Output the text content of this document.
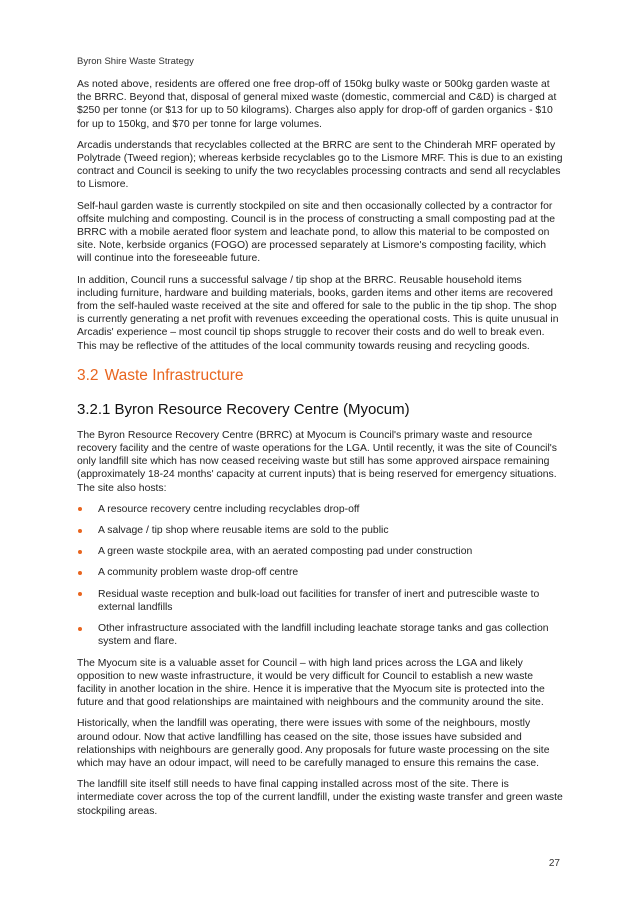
Byron Shire Waste Strategy

As noted above, residents are offered one free drop-off of 150kg bulky waste or 500kg garden waste at the BRRC. Beyond that, disposal of general mixed waste (domestic, commercial and C&D) is charged at $250 per tonne (or $13 for up to 50 kilograms). Charges also apply for drop-off of garden organics - $10 for up to 150kg, and $70 per tonne for large volumes.

Arcadis understands that recyclables collected at the BRRC are sent to the Chinderah MRF operated by Polytrade (Tweed region); whereas kerbside recyclables go to the Lismore MRF. This is due to an existing contract and Council is seeking to unify the two recyclables processing contracts and send all recyclables to Lismore.

Self-haul garden waste is currently stockpiled on site and then occasionally collected by a contractor for offsite mulching and composting. Council is in the process of constructing a small composting pad at the BRRC with a mobile aerated floor system and leachate pond, to allow this material to be composted on site. Note, kerbside organics (FOGO) are processed separately at Lismore's composting facility, which will continue into the foreseeable future.

In addition, Council runs a successful salvage / tip shop at the BRRC. Reusable household items including furniture, hardware and building materials, books, garden items and other items are recovered from the self-hauled waste received at the site and offered for sale to the public in the tip shop. The shop is currently generating a net profit with revenues exceeding the operational costs. This is quite unusual in Arcadis' experience – most council tip shops struggle to recover their costs and do well to break even. This may be reflective of the attitudes of the local community towards reusing and recycling goods.

3.2 Waste Infrastructure
3.2.1 Byron Resource Recovery Centre (Myocum)

The Byron Resource Recovery Centre (BRRC) at Myocum is Council's primary waste and resource recovery facility and the centre of waste operations for the LGA. Until recently, it was the site of Council's only landfill site which has now ceased receiving waste but still has some approved airspace remaining (approximately 18-24 months' capacity at current inputs) that is being reserved for emergency situations. The site also hosts:

A resource recovery centre including recyclables drop-off
A salvage / tip shop where reusable items are sold to the public
A green waste stockpile area, with an aerated composting pad under construction
A community problem waste drop-off centre
Residual waste reception and bulk-load out facilities for transfer of inert and putrescible waste to external landfills
Other infrastructure associated with the landfill including leachate storage tanks and gas collection system and flare.

The Myocum site is a valuable asset for Council – with high land prices across the LGA and likely opposition to new waste infrastructure, it would be very difficult for Council to establish a new waste facility in another location in the shire. Hence it is imperative that the Myocum site is protected into the future and that good relationships are maintained with neighbours and the community around the site.

Historically, when the landfill was operating, there were issues with some of the neighbours, mostly around odour. Now that active landfilling has ceased on the site, those issues have subsided and relationships with neighbours are generally good. Any proposals for future waste processing on the site which may have an odour impact, will need to be carefully managed to ensure this remains the case.

The landfill site itself still needs to have final capping installed across most of the site. There is intermediate cover across the top of the current landfill, under the existing waste transfer and green waste stockpiling areas.

27
